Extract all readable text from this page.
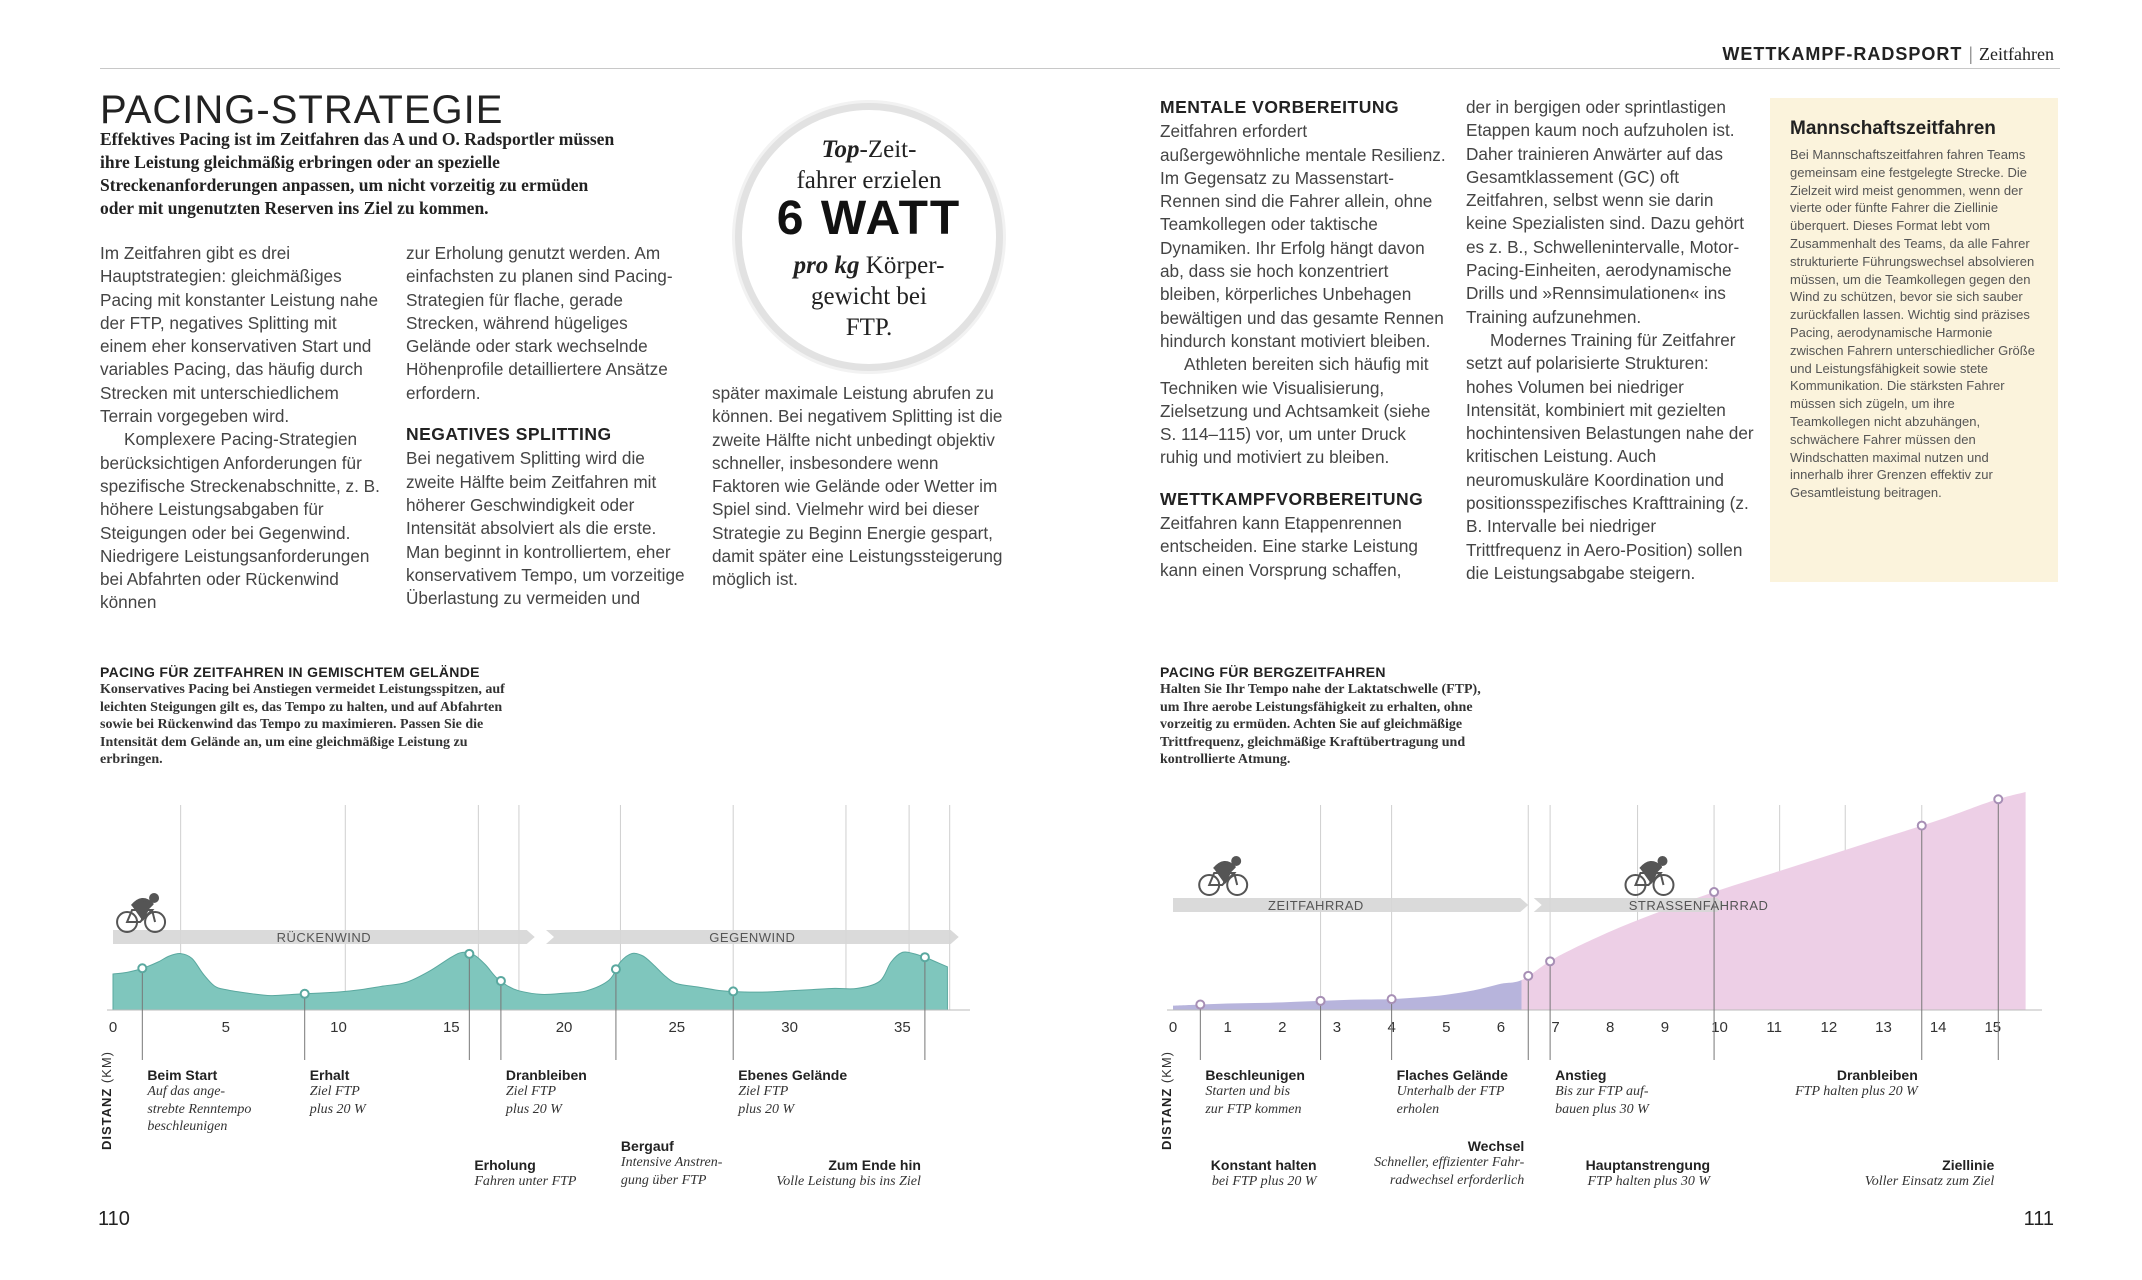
WETTKAMPF-RADSPORT | Zeitfahren
PACING-STRATEGIE
Effektives Pacing ist im Zeitfahren das A und O. Radsportler müssen ihre Leistung gleichmäßig erbringen oder an spezielle Streckenanforderungen anpassen, um nicht vorzeitig zu ermüden oder mit ungenutzten Reserven ins Ziel zu kommen.

Im Zeitfahren gibt es drei Hauptstrategien: gleichmäßiges Pacing mit konstanter Leistung nahe der FTP, negatives Splitting mit einem eher konservativen Start und variables Pacing, das häufig durch Strecken mit unterschiedlichem Terrain vorgegeben wird.

Komplexere Pacing-Strategien berücksichtigen Anforderungen für spezifische Streckenabschnitte, z. B. höhere Leistungsabgaben für Steigungen oder bei Gegenwind. Niedrigere Leistungsanforderungen bei Abfahrten oder Rückenwind können

zur Erholung genutzt werden. Am einfachsten zu planen sind Pacing-Strategien für flache, gerade Strecken, während hügeliges Gelände oder stark wechselnde Höhenprofile detailliertere Ansätze erfordern.

NEGATIVES SPLITTING

Bei negativem Splitting wird die zweite Hälfte beim Zeitfahren mit höherer Geschwindigkeit oder Intensität absolviert als die erste. Man beginnt in kontrolliertem, eher konservativem Tempo, um vorzeitige Überlastung zu vermeiden und

später maximale Leistung abrufen zu können. Bei negativem Splitting ist die zweite Hälfte nicht unbedingt objektiv schneller, insbesondere wenn Faktoren wie Gelände oder Wetter im Spiel sind. Vielmehr wird bei dieser Strategie zu Beginn Energie gespart, damit später eine Leistungssteigerung möglich ist.

Top-Zeit-
fahrer erzielen
6 WATT
pro kg Körper-
gewicht bei
FTP.
MENTALE VORBEREITUNG

Zeitfahren erfordert außergewöhnliche mentale Resilienz. Im Gegensatz zu Massenstart-Rennen sind die Fahrer allein, ohne Teamkollegen oder taktische Dynamiken. Ihr Erfolg hängt davon ab, dass sie hoch konzentriert bleiben, körperliches Unbehagen bewältigen und das gesamte Rennen hindurch konstant motiviert bleiben.

Athleten bereiten sich häufig mit Techniken wie Visualisierung, Zielsetzung und Achtsamkeit (siehe S. 114–115) vor, um unter Druck ruhig und motiviert zu bleiben.

WETTKAMPFVORBEREITUNG

Zeitfahren kann Etappenrennen entscheiden. Eine starke Leistung kann einen Vorsprung schaffen,

der in bergigen oder sprintlastigen Etappen kaum noch aufzuholen ist. Daher trainieren Anwärter auf das Gesamtklassement (GC) oft Zeitfahren, selbst wenn sie darin keine Spezialisten sind. Dazu gehört es z. B., Schwellenintervalle, Motor-Pacing-Einheiten, aerodynamische Drills und »Rennsimulationen« ins Training aufzunehmen.

Modernes Training für Zeitfahrer setzt auf polarisierte Strukturen: hohes Volumen bei niedriger Intensität, kombiniert mit gezielten hochintensiven Belastungen nahe der kritischen Leistung. Auch neuromuskuläre Koordination und positionsspezifisches Krafttraining (z. B. Intervalle bei niedriger Trittfrequenz in Aero-Position) sollen die Leistungsabgabe steigern.

Mannschaftszeitfahren
Bei Mannschaftszeitfahren fahren Teams gemeinsam eine festgelegte Strecke. Die Zielzeit wird meist genommen, wenn der vierte oder fünfte Fahrer die Ziellinie überquert. Dieses Format lebt vom Zusammenhalt des Teams, da alle Fahrer strukturierte Führungswechsel absolvieren müssen, um die Teamkollegen gegen den Wind zu schützen, bevor sie sich sauber zurückfallen lassen. Wichtig sind präzises Pacing, aerodynamische Harmonie zwischen Fahrern unterschiedlicher Größe und Leistungsfähigkeit sowie stete Kommunikation. Die stärksten Fahrer müssen sich zügeln, um ihre Teamkollegen nicht abzuhängen, schwächere Fahrer müssen den Windschatten maximal nutzen und innerhalb ihrer Grenzen effektiv zur Gesamtleistung beitragen.
PACING FÜR ZEITFAHREN IN GEMISCHTEM GELÄNDE
Konservatives Pacing bei Anstiegen vermeidet Leistungsspitzen, auf leichten Steigungen gilt es, das Tempo zu halten, und auf Abfahrten sowie bei Rückenwind das Tempo zu maximieren. Passen Sie die Intensität dem Gelände an, um eine gleichmäßige Leistung zu erbringen.
PACING FÜR BERGZEITFAHREN
Halten Sie Ihr Tempo nahe der Laktatschwelle (FTP), um Ihre aerobe Leistungsfähigkeit zu erhalten, ohne vorzeitig zu ermüden. Achten Sie auf gleichmäßige Trittfrequenz, gleichmäßige Kraftübertragung und kontrollierte Atmung.
RÜCKENWIND	GEGENWIND
0	5	10	15	20	25	30	35
ZEITFAHRRAD	STRASSENFAHRRAD
0	1	2	3	4	5	6	7	8	9	10	11	12	13	14	15
DISTANZ (KM)
DISTANZ (KM)
Beim Start
Auf das ange-
strebte Renntempo
beschleunigen
Erhalt
Ziel FTP
plus 20 W
Erholung
Fahren unter FTP
Dranbleiben
Ziel FTP
plus 20 W
Bergauf
Intensive Anstren-
gung über FTP
Ebenes Gelände
Ziel FTP
plus 20 W
Zum Ende hin
Volle Leistung bis ins Ziel
Beschleunigen
Starten und bis
zur FTP kommen
Konstant halten
bei FTP plus 20 W
Flaches Gelände
Unterhalb der FTP
erholen
Wechsel
Schneller, effizienter Fahr-
radwechsel erforderlich
Anstieg
Bis zur FTP auf-
bauen plus 30 W
Hauptanstrengung
FTP halten plus 30 W
Dranbleiben
FTP halten plus 20 W
Ziellinie
Voller Einsatz zum Ziel
110	111
